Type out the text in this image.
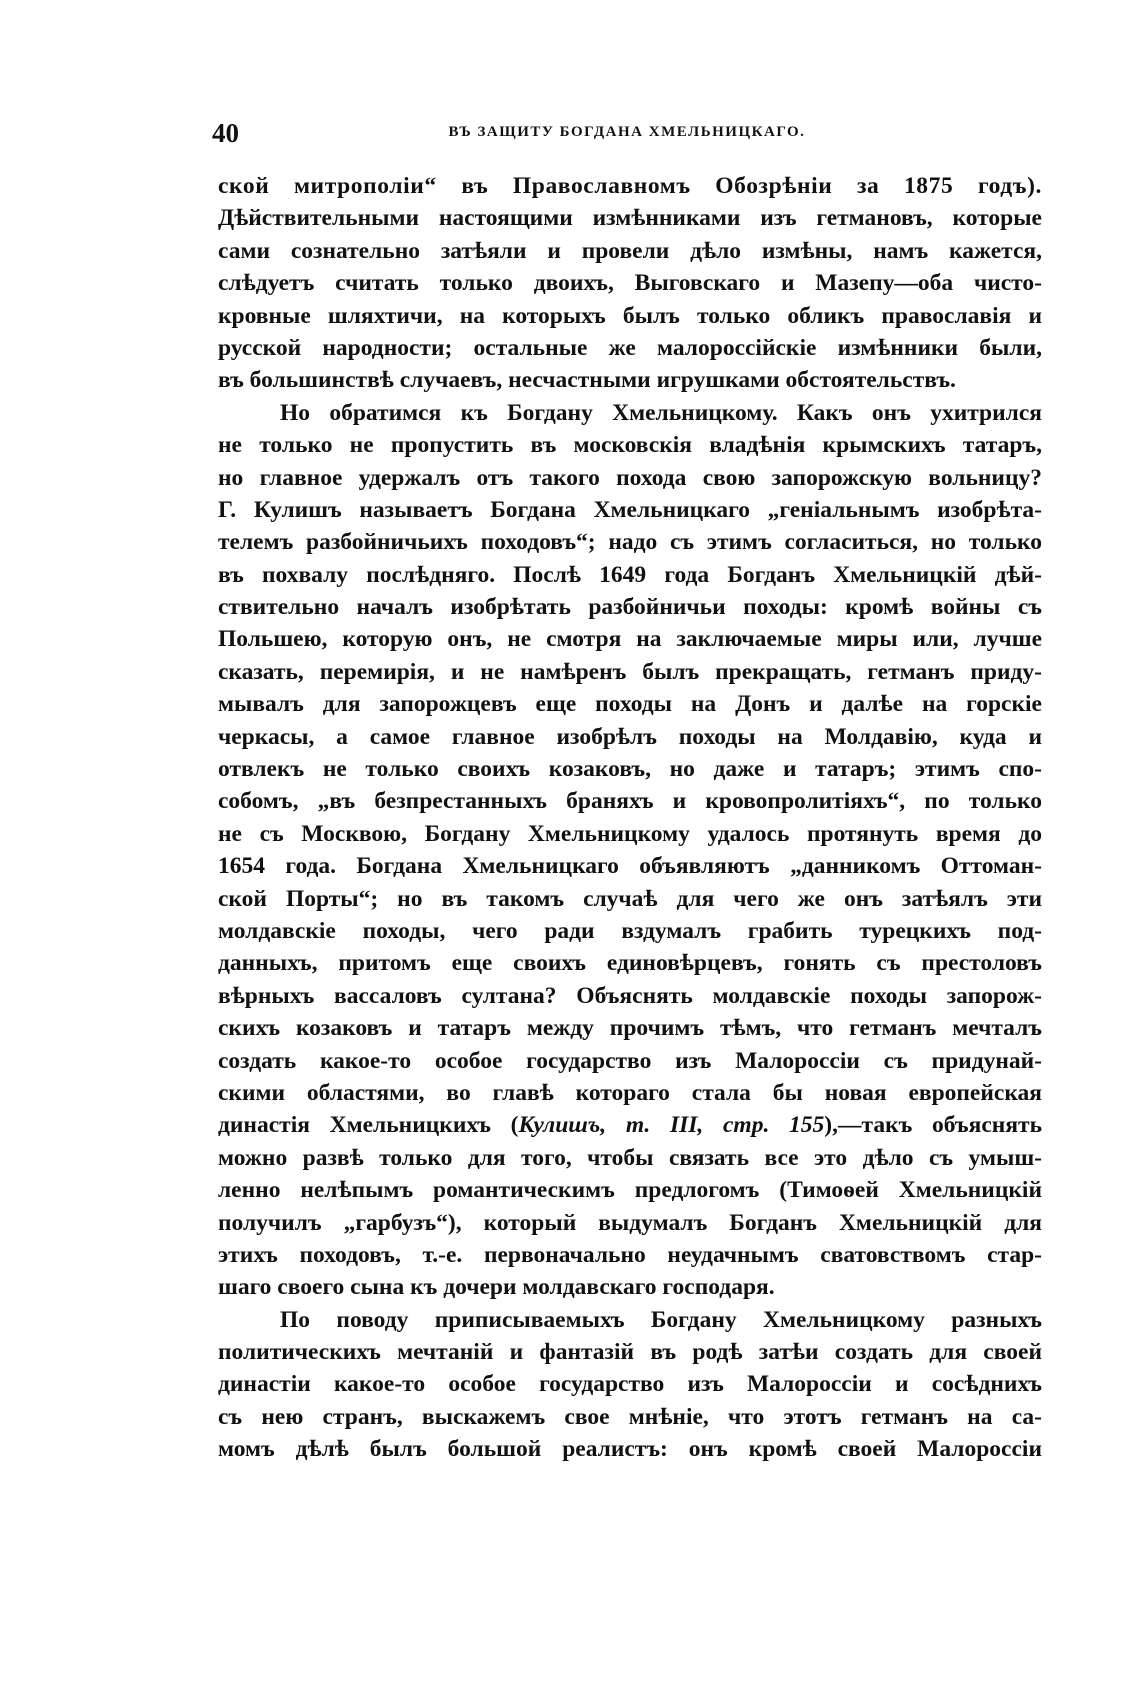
40	ВЪ ЗАЩИТУ БОГДАНА ХМЕЛЬНИЦКАГО.
ской митрополіи“ въ Православномъ Обозрѣніи за 1875 годъ).
Дѣйствительными настоящими измѣнниками изъ гетмановъ, которые
сами сознательно затѣяли и провели дѣло измѣны, намъ кажется,
слѣдуетъ считать только двоихъ, Выговскаго и Мазепу—оба чисто-
кровные шляхтичи, на которыхъ былъ только обликъ православія и
русской народности; остальные же малороссійскіе измѣнники были,
въ большинствѣ случаевъ, несчастными игрушками обстоятельствъ.
Но обратимся къ Богдану Хмельницкому. Какъ онъ ухитрился
не только не пропустить въ московскія владѣнія крымскихъ татаръ,
но главное удержалъ отъ такого похода свою запорожскую вольницу?
Г. Кулишъ называетъ Богдана Хмельницкаго „геніальнымъ изобрѣта-
телемъ разбойничьихъ походовъ“; надо съ этимъ согласиться, но только
въ похвалу послѣдняго. Послѣ 1649 года Богданъ Хмельницкій дѣй-
ствительно началъ изобрѣтать разбойничьи походы: кромѣ войны съ
Польшею, которую онъ, не смотря на заключаемые миры или, лучше
сказать, перемирія, и не намѣренъ былъ прекращать, гетманъ приду-
мывалъ для запорожцевъ еще походы на Донъ и далѣе на горскіе
черкасы, а самое главное изобрѣлъ походы на Молдавію, куда и
отвлекъ не только своихъ козаковъ, но даже и татаръ; этимъ спо-
собомъ, „въ безпрестанныхъ браняхъ и кровопролитіяхъ“, по только
не съ Москвою, Богдану Хмельницкому удалось протянуть время до
1654 года. Богдана Хмельницкаго объявляютъ „данникомъ Оттоман-
ской Порты“; но въ такомъ случаѣ для чего же онъ затѣялъ эти
молдавскіе походы, чего ради вздумалъ грабить турецкихъ под-
данныхъ, притомъ еще своихъ единовѣрцевъ, гонять съ престоловъ
вѣрныхъ вассаловъ султана? Объяснять молдавскіе походы запорож-
скихъ козаковъ и татаръ между прочимъ тѣмъ, что гетманъ мечталъ
создать какое-то особое государство изъ Малороссіи съ придунай-
скими областями, во главѣ котораго стала бы новая европейская
династія Хмельницкихъ (Кулишъ, т. III, стр. 155),—такъ объяснять
можно развѣ только для того, чтобы связать все это дѣло съ умыш-
ленно нелѣпымъ романтическимъ предлогомъ (Тимоѳей Хмельницкій
получилъ „гарбузъ“), который выдумалъ Богданъ Хмельницкій для
этихъ походовъ, т.-е. первоначально неудачнымъ сватовствомъ стар-
шаго своего сына къ дочери молдавскаго господаря.
По поводу приписываемыхъ Богдану Хмельницкому разныхъ
политическихъ мечтаній и фантазій въ родѣ затѣи создать для своей
династіи какое-то особое государство изъ Малороссіи и сосѣднихъ
съ нею странъ, выскажемъ свое мнѣніе, что этотъ гетманъ на са-
момъ дѣлѣ былъ большой реалистъ: онъ кромѣ своей Малороссіи
